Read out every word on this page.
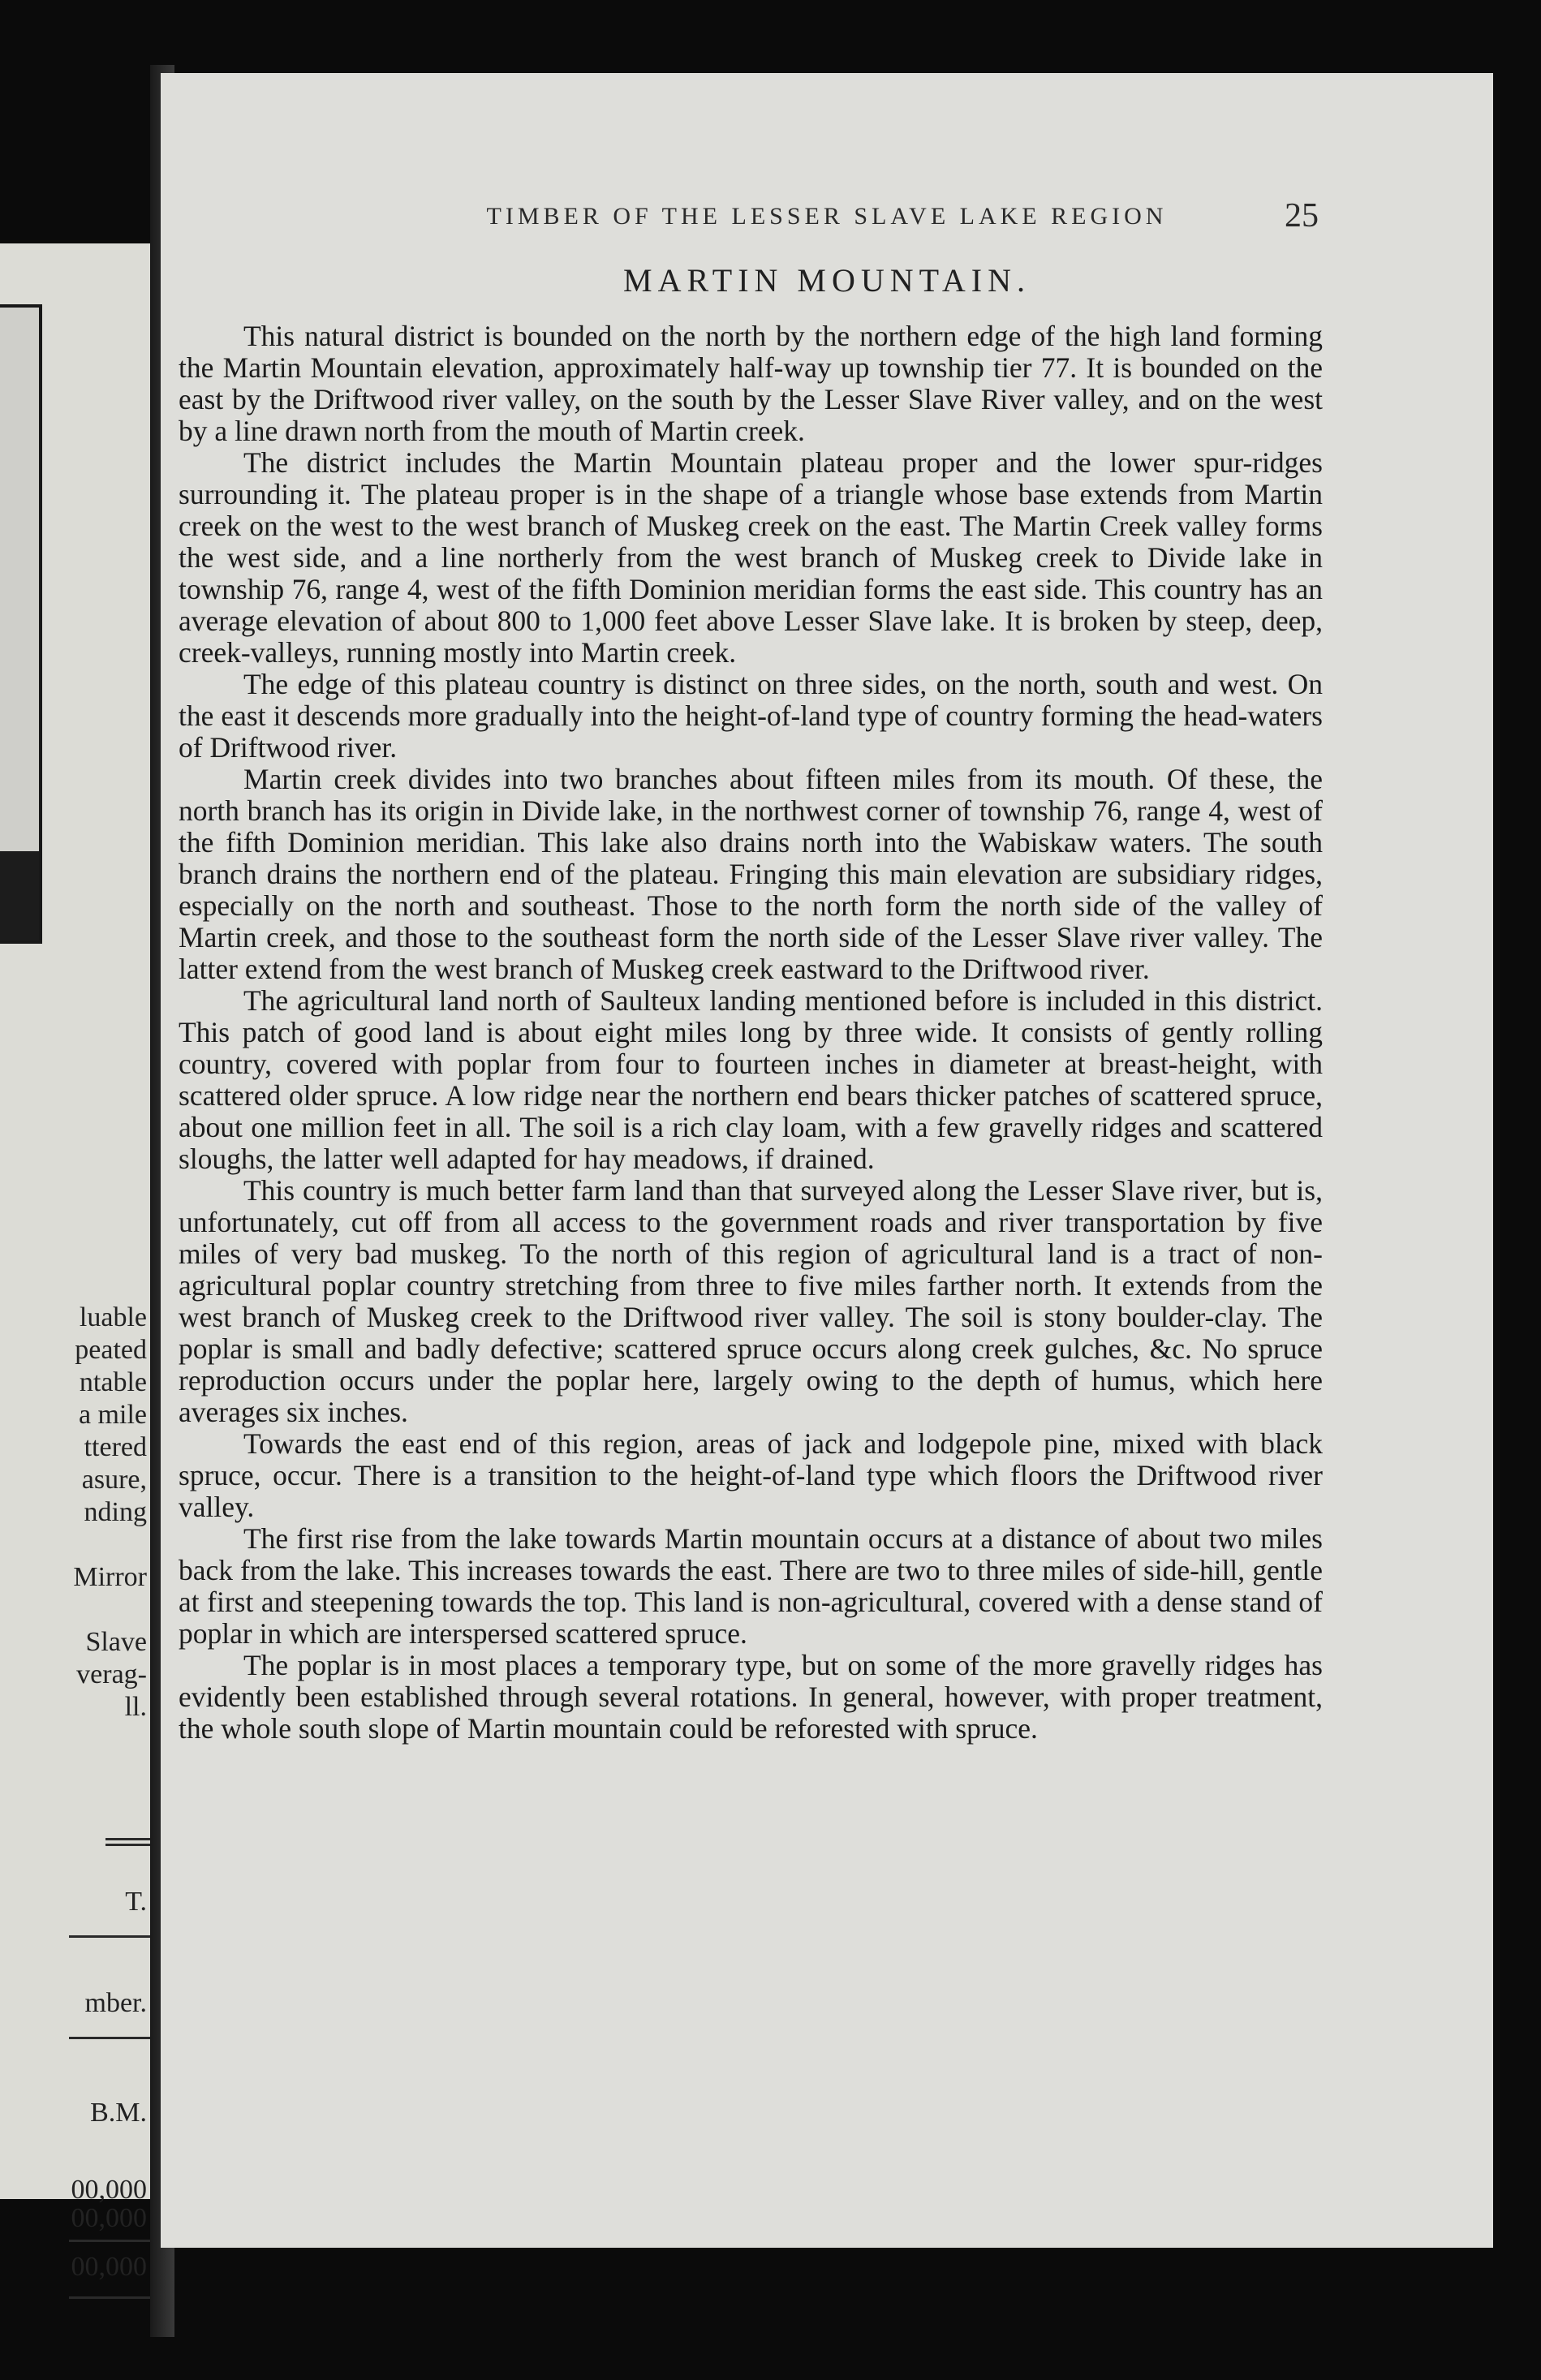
luable
peated
ntable
a mile
ttered
asure,
nding
Mirror
Slave
verag-
ll.
T.
mber.
B.M.
00,000
00,000
00,000
TIMBER OF THE LESSER SLAVE LAKE REGION	25
MARTIN MOUNTAIN.

This natural district is bounded on the north by the northern edge of the high land forming the Martin Mountain elevation, approximately half-way up township tier 77. It is bounded on the east by the Driftwood river valley, on the south by the Lesser Slave River valley, and on the west by a line drawn north from the mouth of Martin creek.

The district includes the Martin Mountain plateau proper and the lower spur-ridges surrounding it. The plateau proper is in the shape of a triangle whose base extends from Martin creek on the west to the west branch of Muskeg creek on the east. The Martin Creek valley forms the west side, and a line northerly from the west branch of Muskeg creek to Divide lake in township 76, range 4, west of the fifth Dominion meridian forms the east side. This country has an average elevation of about 800 to 1,000 feet above Lesser Slave lake. It is broken by steep, deep, creek-valleys, running mostly into Martin creek.

The edge of this plateau country is distinct on three sides, on the north, south and west. On the east it descends more gradually into the height-of-land type of country forming the head-waters of Driftwood river.

Martin creek divides into two branches about fifteen miles from its mouth. Of these, the north branch has its origin in Divide lake, in the northwest corner of township 76, range 4, west of the fifth Dominion meridian. This lake also drains north into the Wabiskaw waters. The south branch drains the northern end of the plateau. Fringing this main elevation are subsidiary ridges, especially on the north and southeast. Those to the north form the north side of the valley of Martin creek, and those to the southeast form the north side of the Lesser Slave river valley. The latter extend from the west branch of Muskeg creek eastward to the Driftwood river.

The agricultural land north of Saulteux landing mentioned before is included in this district. This patch of good land is about eight miles long by three wide. It consists of gently rolling country, covered with poplar from four to fourteen inches in diameter at breast-height, with scattered older spruce. A low ridge near the northern end bears thicker patches of scattered spruce, about one million feet in all. The soil is a rich clay loam, with a few gravelly ridges and scattered sloughs, the latter well adapted for hay meadows, if drained.

This country is much better farm land than that surveyed along the Lesser Slave river, but is, unfortunately, cut off from all access to the government roads and river transportation by five miles of very bad muskeg. To the north of this region of agricultural land is a tract of non-agricultural poplar country stretching from three to five miles farther north. It extends from the west branch of Muskeg creek to the Driftwood river valley. The soil is stony boulder-clay. The poplar is small and badly defective; scattered spruce occurs along creek gulches, &c. No spruce reproduction occurs under the poplar here, largely owing to the depth of humus, which here averages six inches.

Towards the east end of this region, areas of jack and lodgepole pine, mixed with black spruce, occur. There is a transition to the height-of-land type which floors the Driftwood river valley.

The first rise from the lake towards Martin mountain occurs at a distance of about two miles back from the lake. This increases towards the east. There are two to three miles of side-hill, gentle at first and steepening towards the top. This land is non-agricultural, covered with a dense stand of poplar in which are interspersed scattered spruce.

The poplar is in most places a temporary type, but on some of the more gravelly ridges has evidently been established through several rotations. In general, however, with proper treatment, the whole south slope of Martin mountain could be reforested with spruce.
